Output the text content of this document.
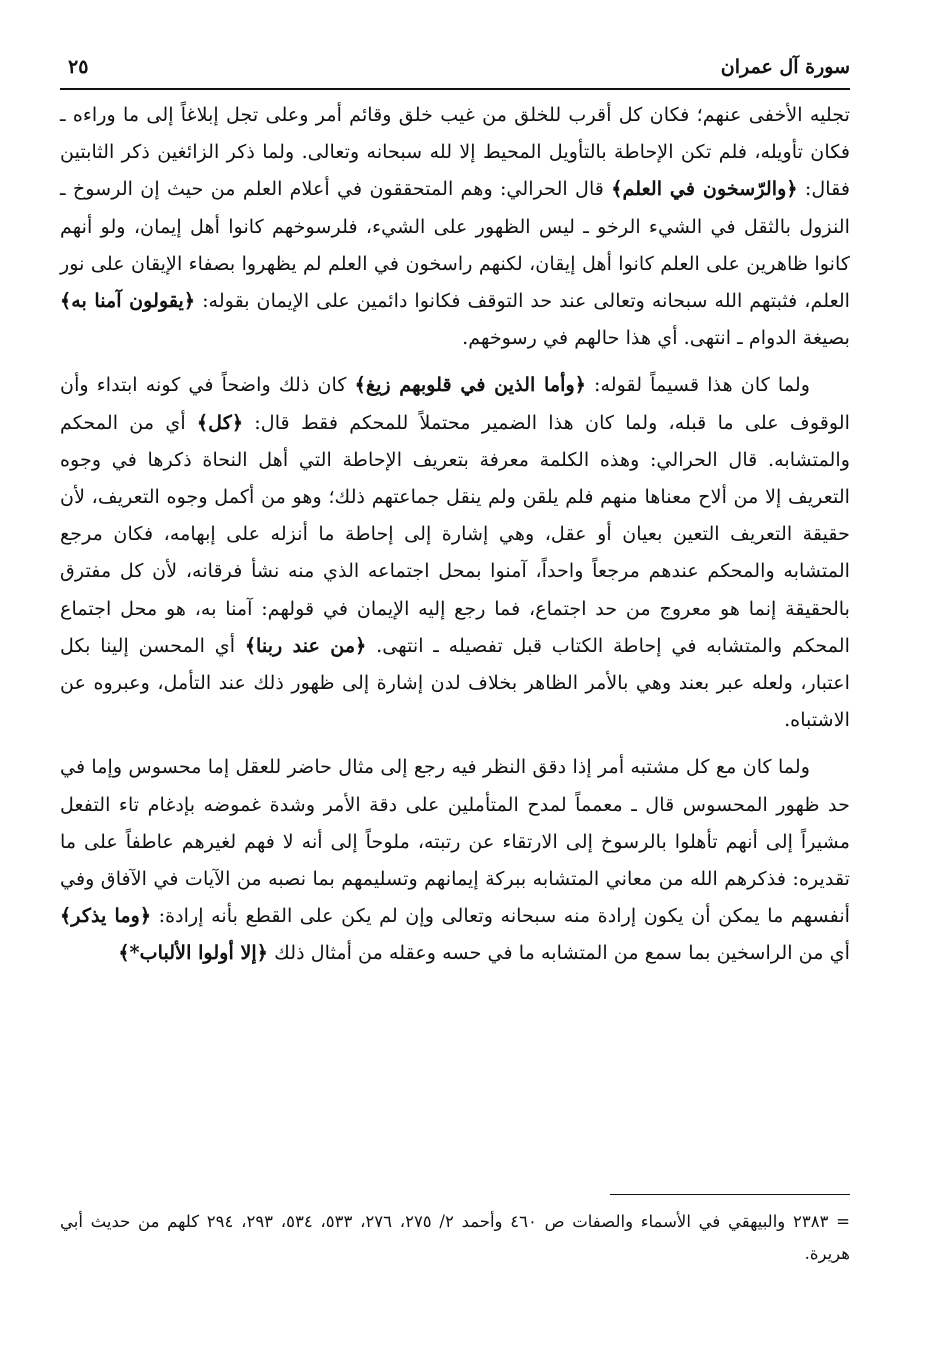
سورة آل عمران
٢٥

تجليه الأخفى عنهم؛ فكان كل أقرب للخلق من غيب خلق وقائم أمر وعلى تجل إبلاغاً إلى ما وراءه ـ فكان تأويله، فلم تكن الإحاطة بالتأويل المحيط إلا لله سبحانه وتعالى. ولما ذكر الزائغين ذكر الثابتين فقال: ﴿والرّسخون في العلم﴾ قال الحرالي: وهم المتحققون في أعلام العلم من حيث إن الرسوخ ـ النزول بالثقل في الشيء الرخو ـ ليس الظهور على الشيء، فلرسوخهم كانوا أهل إيمان، ولو أنهم كانوا ظاهرين على العلم كانوا أهل إيقان، لكنهم راسخون في العلم لم يظهروا بصفاء الإيقان على نور العلم، فثبتهم الله سبحانه وتعالى عند حد التوقف فكانوا دائمين على الإيمان بقوله: ﴿يقولون آمنا به﴾ بصيغة الدوام ـ انتهى. أي هذا حالهم في رسوخهم.

ولما كان هذا قسيماً لقوله: ﴿وأما الذين في قلوبهم زيغ﴾ كان ذلك واضحاً في كونه ابتداء وأن الوقوف على ما قبله، ولما كان هذا الضمير محتملاً للمحكم فقط قال: ﴿كل﴾ أي من المحكم والمتشابه. قال الحرالي: وهذه الكلمة معرفة بتعريف الإحاطة التي أهل النحاة ذكرها في وجوه التعريف إلا من ألاح معناها منهم فلم يلقن ولم ينقل جماعتهم ذلك؛ وهو من أكمل وجوه التعريف، لأن حقيقة التعريف التعين بعيان أو عقل، وهي إشارة إلى إحاطة ما أنزله على إبهامه، فكان مرجع المتشابه والمحكم عندهم مرجعاً واحداً، آمنوا بمحل اجتماعه الذي منه نشأ فرقانه، لأن كل مفترق بالحقيقة إنما هو معروج من حد اجتماع، فما رجع إليه الإيمان في قولهم: آمنا به، هو محل اجتماع المحكم والمتشابه في إحاطة الكتاب قبل تفصيله ـ انتهى. ﴿من عند ربنا﴾ أي المحسن إلينا بكل اعتبار، ولعله عبر بعند وهي بالأمر الظاهر بخلاف لدن إشارة إلى ظهور ذلك عند التأمل، وعبروه عن الاشتباه.

ولما كان مع كل مشتبه أمر إذا دقق النظر فيه رجع إلى مثال حاضر للعقل إما محسوس وإما في حد ظهور المحسوس قال ـ معمماً لمدح المتأملين على دقة الأمر وشدة غموضه بإدغام تاء التفعل مشيراً إلى أنهم تأهلوا بالرسوخ إلى الارتقاء عن رتبته، ملوحاً إلى أنه لا فهم لغيرهم عاطفاً على ما تقديره: فذكرهم الله من معاني المتشابه ببركة إيمانهم وتسليمهم بما نصبه من الآيات في الآفاق وفي أنفسهم ما يمكن أن يكون إرادة منه سبحانه وتعالى وإن لم يكن على القطع بأنه إرادة: ﴿وما يذكر﴾ أي من الراسخين بما سمع من المتشابه ما في حسه وعقله من أمثال ذلك ﴿إلا أولوا الألباب*﴾

= ٢٣٨٣ والبيهقي في الأسماء والصفات ص ٤٦٠ وأحمد ٢/ ٢٧٥، ٢٧٦، ٥٣٣، ٥٣٤، ٢٩٣، ٢٩٤ كلهم من حديث أبي هريرة.
